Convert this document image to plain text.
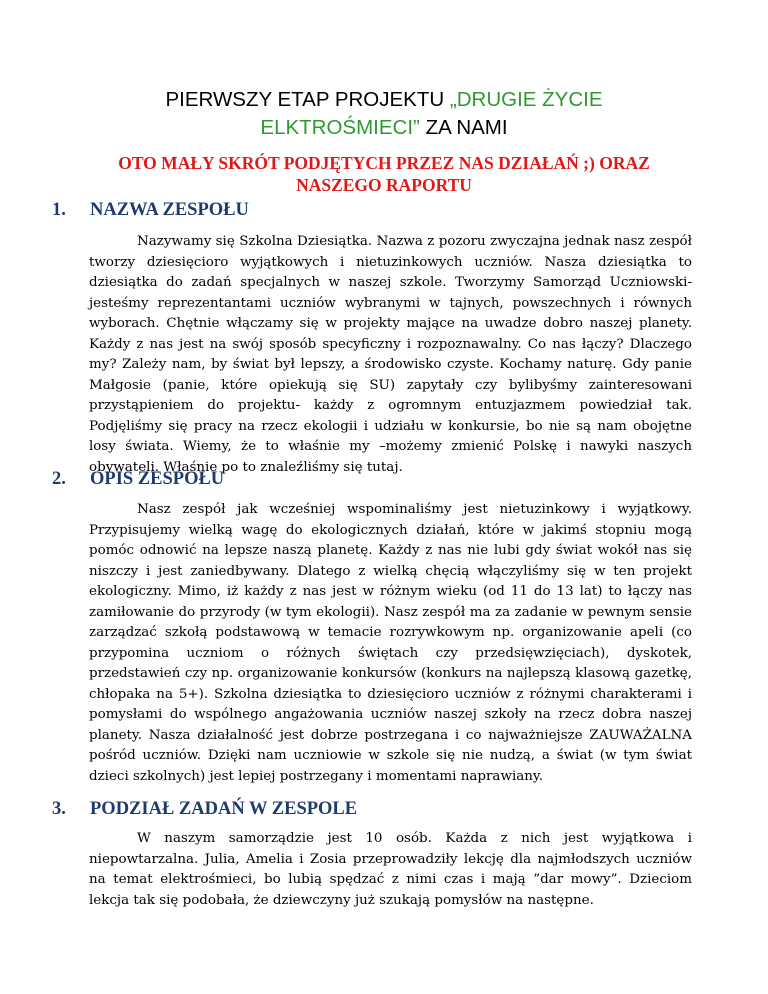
PIERWSZY ETAP PROJEKTU „DRUGIE ŻYCIE ELKTROŚMIECI” ZA NAMI
OTO MAŁY SKRÓT PODJĘTYCH PRZEZ NAS DZIAŁAŃ ;) ORAZ NASZEGO RAPORTU
1. NAZWA ZESPOŁU
Nazywamy się Szkolna Dziesiątka. Nazwa z pozoru zwyczajna jednak nasz zespół tworzy dziesięcioro wyjątkowych i nietuzinkowych uczniów. Nasza dziesiątka to dziesiątka do zadań specjalnych w naszej szkole. Tworzymy Samorząd Uczniowski- jesteśmy reprezentantami uczniów wybranymi w tajnych, powszechnych i równych wyborach. Chętnie włączamy się w projekty mające na uwadze dobro naszej planety. Każdy z nas jest na swój sposób specyficzny i rozpoznawalny. Co nas łączy? Dlaczego my? Zależy nam, by świat był lepszy, a środowisko czyste. Kochamy naturę. Gdy panie Małgosie (panie, które opiekują się SU) zapytały czy bylibyśmy zainteresowani przystąpieniem do projektu- każdy z ogromnym entuzjazmem powiedział tak. Podjęliśmy się pracy na rzecz ekologii i udziału w konkursie, bo nie są nam obojętne losy świata. Wiemy, że to właśnie my –możemy zmienić Polskę i nawyki naszych obywateli. Właśnie po to znaleźliśmy się tutaj.
2. OPIS ZESPOŁU
Nasz zespół jak wcześniej wspominaliśmy jest nietuzinkowy i wyjątkowy. Przypisujemy wielką wagę do ekologicznych działań, które w jakimś stopniu mogą pomóc odnowić na lepsze naszą planetę. Każdy z nas nie lubi gdy świat wokół nas się niszczy i jest zaniedbywany. Dlatego z wielką chęcią włączyliśmy się w ten projekt ekologiczny. Mimo, iż każdy z nas jest w różnym wieku (od 11 do 13 lat) to łączy nas zamiłowanie do przyrody (w tym ekologii). Nasz zespół ma za zadanie w pewnym sensie zarządzać szkołą podstawową w temacie rozrywkowym np. organizowanie apeli (co przypomina uczniom o różnych świętach czy przedsięwzięciach), dyskotek, przedstawień czy np. organizowanie konkursów (konkurs na najlepszą klasową gazetkę, chłopaka na 5+). Szkolna dziesiątka to dziesięcioro uczniów z różnymi charakterami i pomysłami do wspólnego angażowania uczniów naszej szkoły na rzecz dobra naszej planety. Nasza działalność jest dobrze postrzegana i co najważniejsze ZAUWAŻALNA pośród uczniów. Dzięki nam uczniowie w szkole się nie nudzą, a świat (w tym świat dzieci szkolnych) jest lepiej postrzegany i momentami naprawiany.
3. PODZIAŁ ZADAŃ W ZESPOLE
W naszym samorządzie jest 10 osób. Każda z nich jest wyjątkowa i niepowtarzalna. Julia, Amelia i Zosia przeprowadziły lekcję dla najmłodszych uczniów na temat elektrośmieci, bo lubią spędzać z nimi czas i mają ”dar mowy”. Dzieciom lekcja tak się podobała, że dziewczyny już szukają pomysłów na następne.
